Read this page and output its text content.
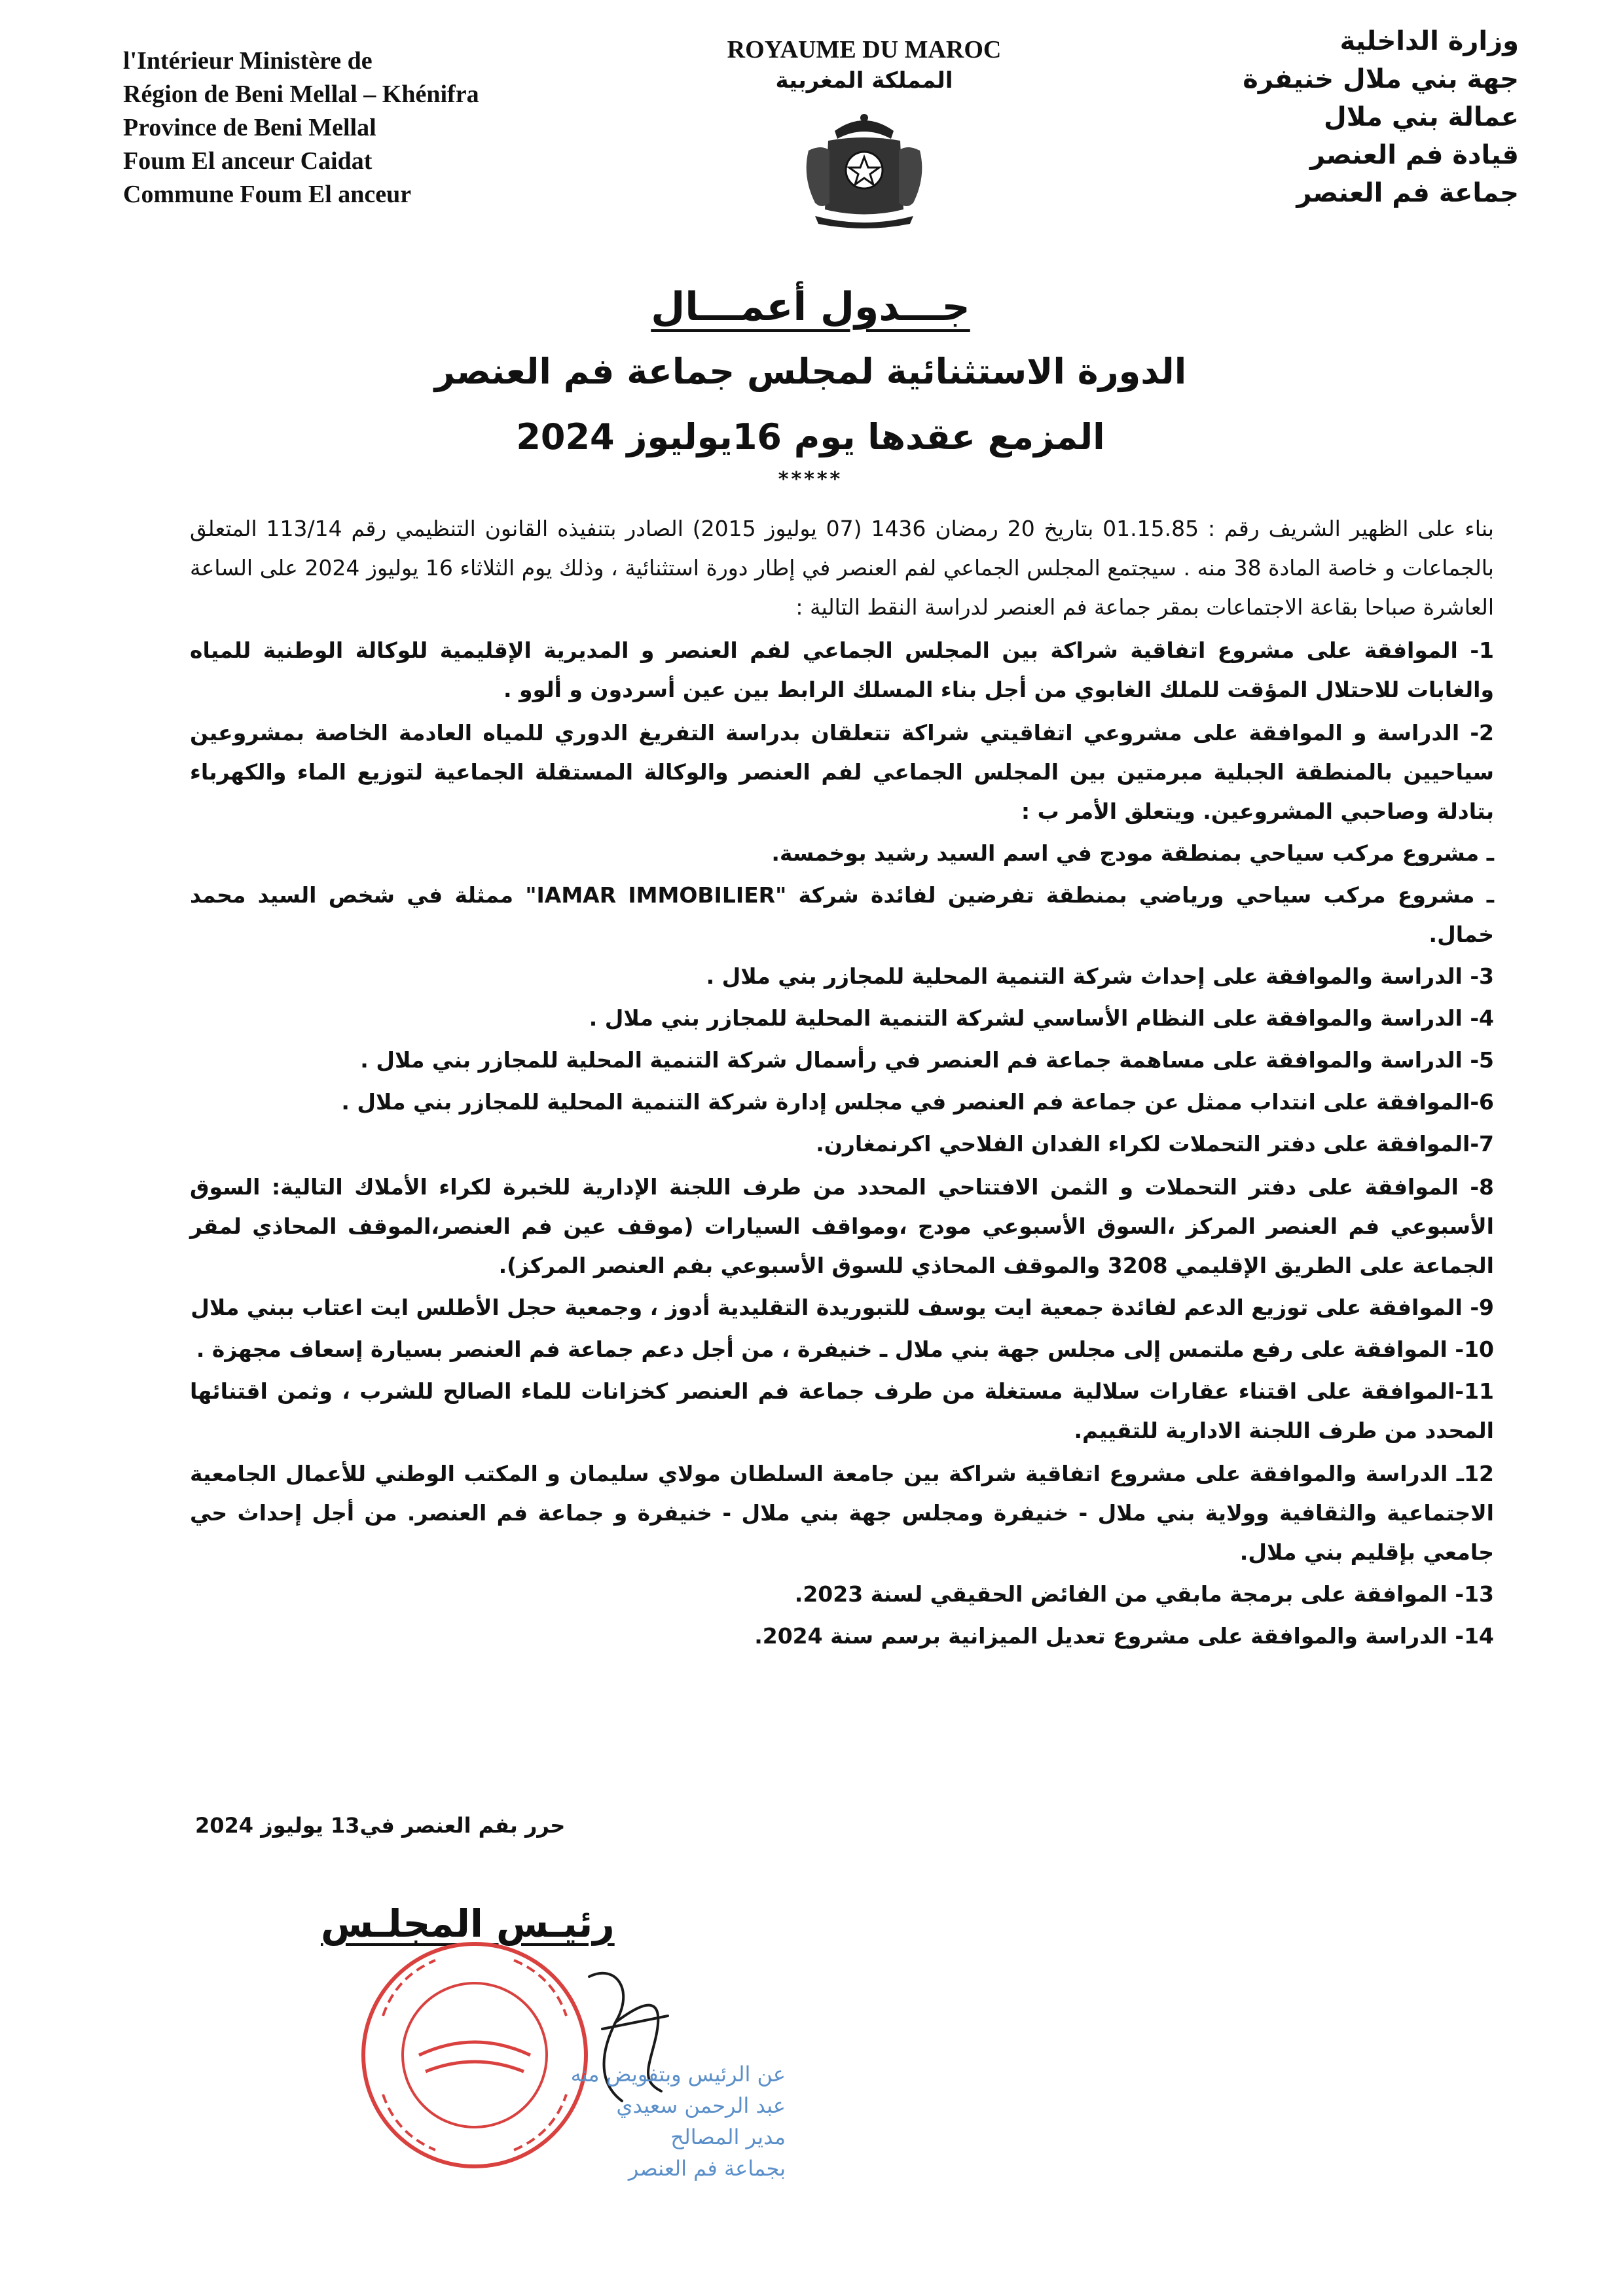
l'Intérieur Ministère de
Région de Beni Mellal – Khénifra
Province de Beni Mellal
Foum El anceur Caidat
Commune Foum El anceur
ROYAUME DU MAROC
المملكة المغربية
وزارة الداخلية
جهة بني ملال خنيفرة
عمالة بني ملال
قيادة فم العنصر
جماعة فم العنصر
جـــدول أعمـــال
الدورة الاستثنائية لمجلس جماعة فم العنصر
المزمع عقدها يوم 16يوليوز 2024
*****

بناء على الظهير الشريف رقم : 01.15.85 بتاريخ 20 رمضان 1436 (07 يوليوز 2015) الصادر بتنفيذه القانون التنظيمي رقم 113/14 المتعلق بالجماعات و خاصة المادة 38 منه . سيجتمع المجلس الجماعي لفم العنصر في إطار دورة استثنائية ، وذلك يوم الثلاثاء 16 يوليوز 2024 على الساعة العاشرة صباحا بقاعة الاجتماعات بمقر جماعة فم العنصر لدراسة النقط التالية :

1- الموافقة على مشروع اتفاقية شراكة بين المجلس الجماعي لفم العنصر و المديرية الإقليمية للوكالة الوطنية للمياه والغابات للاحتلال المؤقت للملك الغابوي من أجل بناء المسلك الرابط بين عين أسردون و ألوو .

2- الدراسة و الموافقة على مشروعي اتفاقيتي شراكة تتعلقان بدراسة التفريغ الدوري للمياه العادمة الخاصة بمشروعين سياحيين بالمنطقة الجبلية مبرمتين بين المجلس الجماعي لفم العنصر والوكالة المستقلة الجماعية لتوزيع الماء والكهرباء بتادلة وصاحبي المشروعين. ويتعلق الأمر ب :

ـ مشروع مركب سياحي بمنطقة مودج في اسم السيد رشيد بوخمسة.

ـ مشروع مركب سياحي ورياضي بمنطقة تفرضين لفائدة شركة "IAMAR IMMOBILIER" ممثلة في شخص السيد محمد خمال.

3- الدراسة والموافقة على إحداث شركة التنمية المحلية للمجازر بني ملال .

4- الدراسة والموافقة على النظام الأساسي لشركة التنمية المحلية للمجازر بني ملال .

5- الدراسة والموافقة على مساهمة جماعة فم العنصر في رأسمال شركة التنمية المحلية للمجازر بني ملال .

6-الموافقة على انتداب ممثل عن جماعة فم العنصر في مجلس إدارة شركة التنمية المحلية للمجازر بني ملال .

7-الموافقة على دفتر التحملات لكراء الفدان الفلاحي اكرنمغارن.

8- الموافقة على دفتر التحملات و الثمن الافتتاحي المحدد من طرف اللجنة الإدارية للخبرة لكراء الأملاك التالية: السوق الأسبوعي فم العنصر المركز ،السوق الأسبوعي مودج ،ومواقف السيارات (موقف عين فم العنصر،الموقف المحاذي لمقر الجماعة على الطريق الإقليمي 3208 والموقف المحاذي للسوق الأسبوعي بفم العنصر المركز).

9- الموافقة على توزيع الدعم لفائدة جمعية ايت يوسف للتبوريدة التقليدية أدوز ، وجمعية حجل الأطلس ايت اعتاب ببني ملال

10- الموافقة على رفع ملتمس إلى مجلس جهة بني ملال ـ خنيفرة ، من أجل دعم جماعة فم العنصر بسيارة إسعاف مجهزة .

11-الموافقة على اقتناء عقارات سلالية مستغلة من طرف جماعة فم العنصر كخزانات للماء الصالح للشرب ، وثمن اقتنائها المحدد من طرف اللجنة الادارية للتقييم.

12ـ الدراسة والموافقة على مشروع اتفاقية شراكة بين جامعة السلطان مولاي سليمان و المكتب الوطني للأعمال الجامعية الاجتماعية والثقافية وولاية بني ملال - خنيفرة ومجلس جهة بني ملال - خنيفرة و جماعة فم العنصر. من أجل إحداث حي جامعي بإقليم بني ملال.

13- الموافقة على برمجة مابقي من الفائض الحقيقي لسنة 2023.

14- الدراسة والموافقة على مشروع تعديل الميزانية برسم سنة 2024.

حرر بفم العنصر في13 يوليوز 2024
رئيـس المجلـس
عن الرئيس وبتفويض منه
عبد الرحمن سعيدي
مدير المصالح
بجماعة فم العنصر
